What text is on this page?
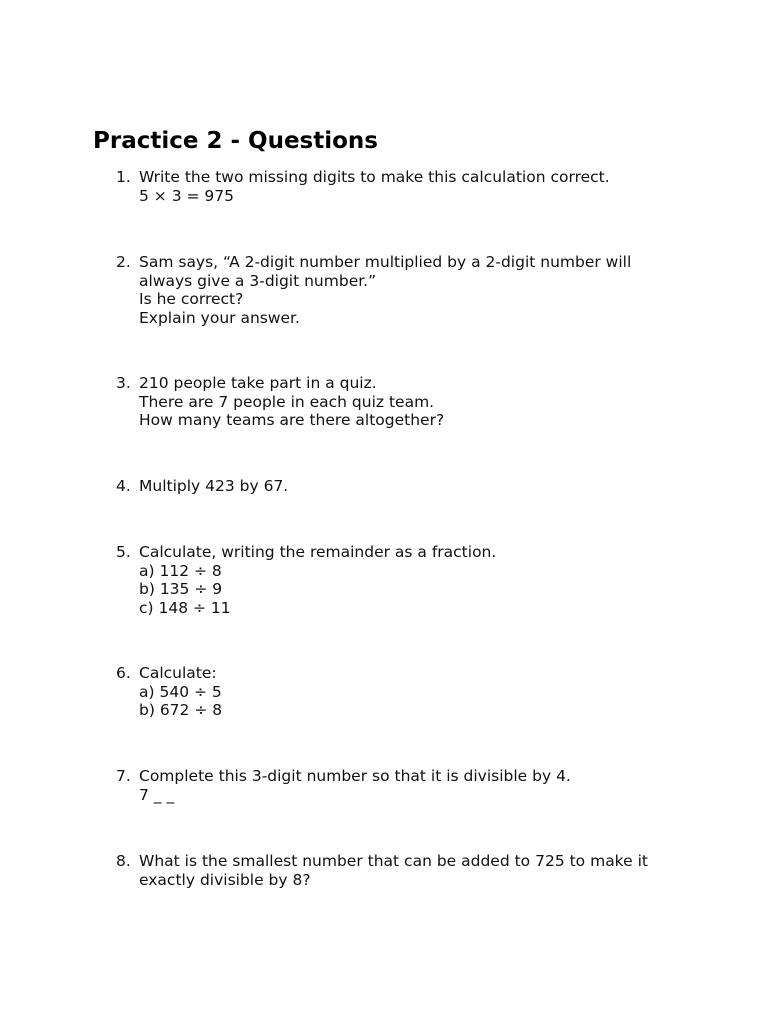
Practice 2 - Questions
1. Write the two missing digits to make this calculation correct.
5 × 3 = 975
2. Sam says, “A 2-digit number multiplied by a 2-digit number will always give a 3-digit number.”
Is he correct?
Explain your answer.
3. 210 people take part in a quiz.
There are 7 people in each quiz team.
How many teams are there altogether?
4. Multiply 423 by 67.
5. Calculate, writing the remainder as a fraction.
a) 112 ÷ 8
b) 135 ÷ 9
c) 148 ÷ 11
6. Calculate:
a) 540 ÷ 5
b) 672 ÷ 8
7. Complete this 3-digit number so that it is divisible by 4.
7 _ _
8. What is the smallest number that can be added to 725 to make it exactly divisible by 8?
